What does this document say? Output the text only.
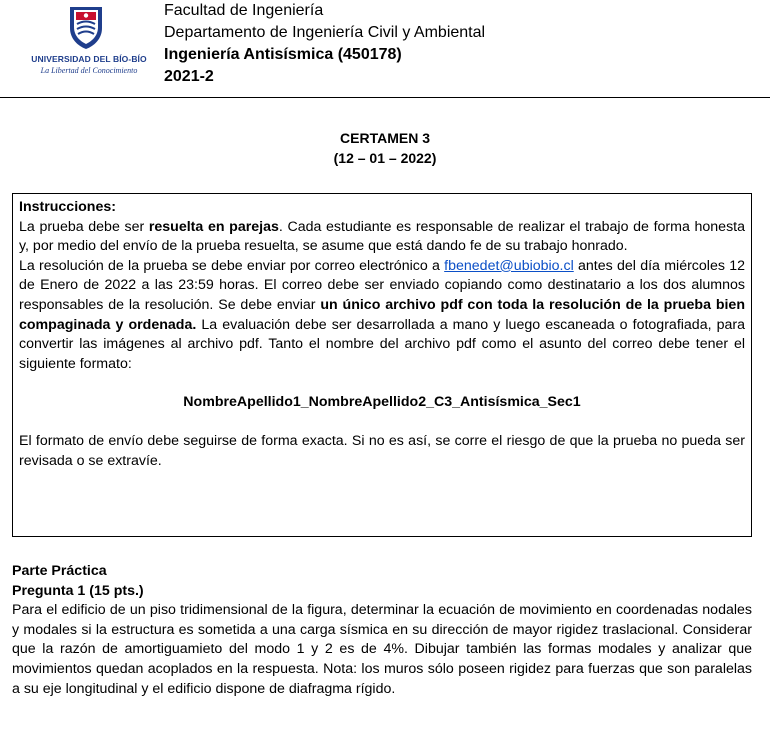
UNIVERSIDAD DEL BÍO-BÍO
La Libertad del Conocimiento
Facultad de Ingeniería
Departamento de Ingeniería Civil y Ambiental
Ingeniería Antisísmica (450178)
2021-2
CERTAMEN 3
(12 – 01 – 2022)

Instrucciones:

La prueba debe ser resuelta en parejas. Cada estudiante es responsable de realizar el trabajo de forma honesta y, por medio del envío de la prueba resuelta, se asume que está dando fe de su trabajo honrado.

La resolución de la prueba se debe enviar por correo electrónico a fbenedet@ubiobio.cl antes del día miércoles 12 de Enero de 2022 a las 23:59 horas. El correo debe ser enviado copiando como destinatario a los dos alumnos responsables de la resolución. Se debe enviar un único archivo pdf con toda la resolución de la prueba bien compaginada y ordenada. La evaluación debe ser desarrollada a mano y luego escaneada o fotografiada, para convertir las imágenes al archivo pdf. Tanto el nombre del archivo pdf como el asunto del correo debe tener el siguiente formato:

NombreApellido1_NombreApellido2_C3_Antisísmica_Sec1

El formato de envío debe seguirse de forma exacta. Si no es así, se corre el riesgo de que la prueba no pueda ser revisada o se extravíe.

Parte Práctica

Pregunta 1 (15 pts.)

Para el edificio de un piso tridimensional de la figura, determinar la ecuación de movimiento en coordenadas nodales y modales si la estructura es sometida a una carga sísmica en su dirección de mayor rigidez traslacional. Considerar que la razón de amortiguamieto del modo 1 y 2 es de 4%. Dibujar también las formas modales y analizar que movimientos quedan acoplados en la respuesta. Nota: los muros sólo poseen rigidez para fuerzas que son paralelas a su eje longitudinal y el edificio dispone de diafragma rígido.
